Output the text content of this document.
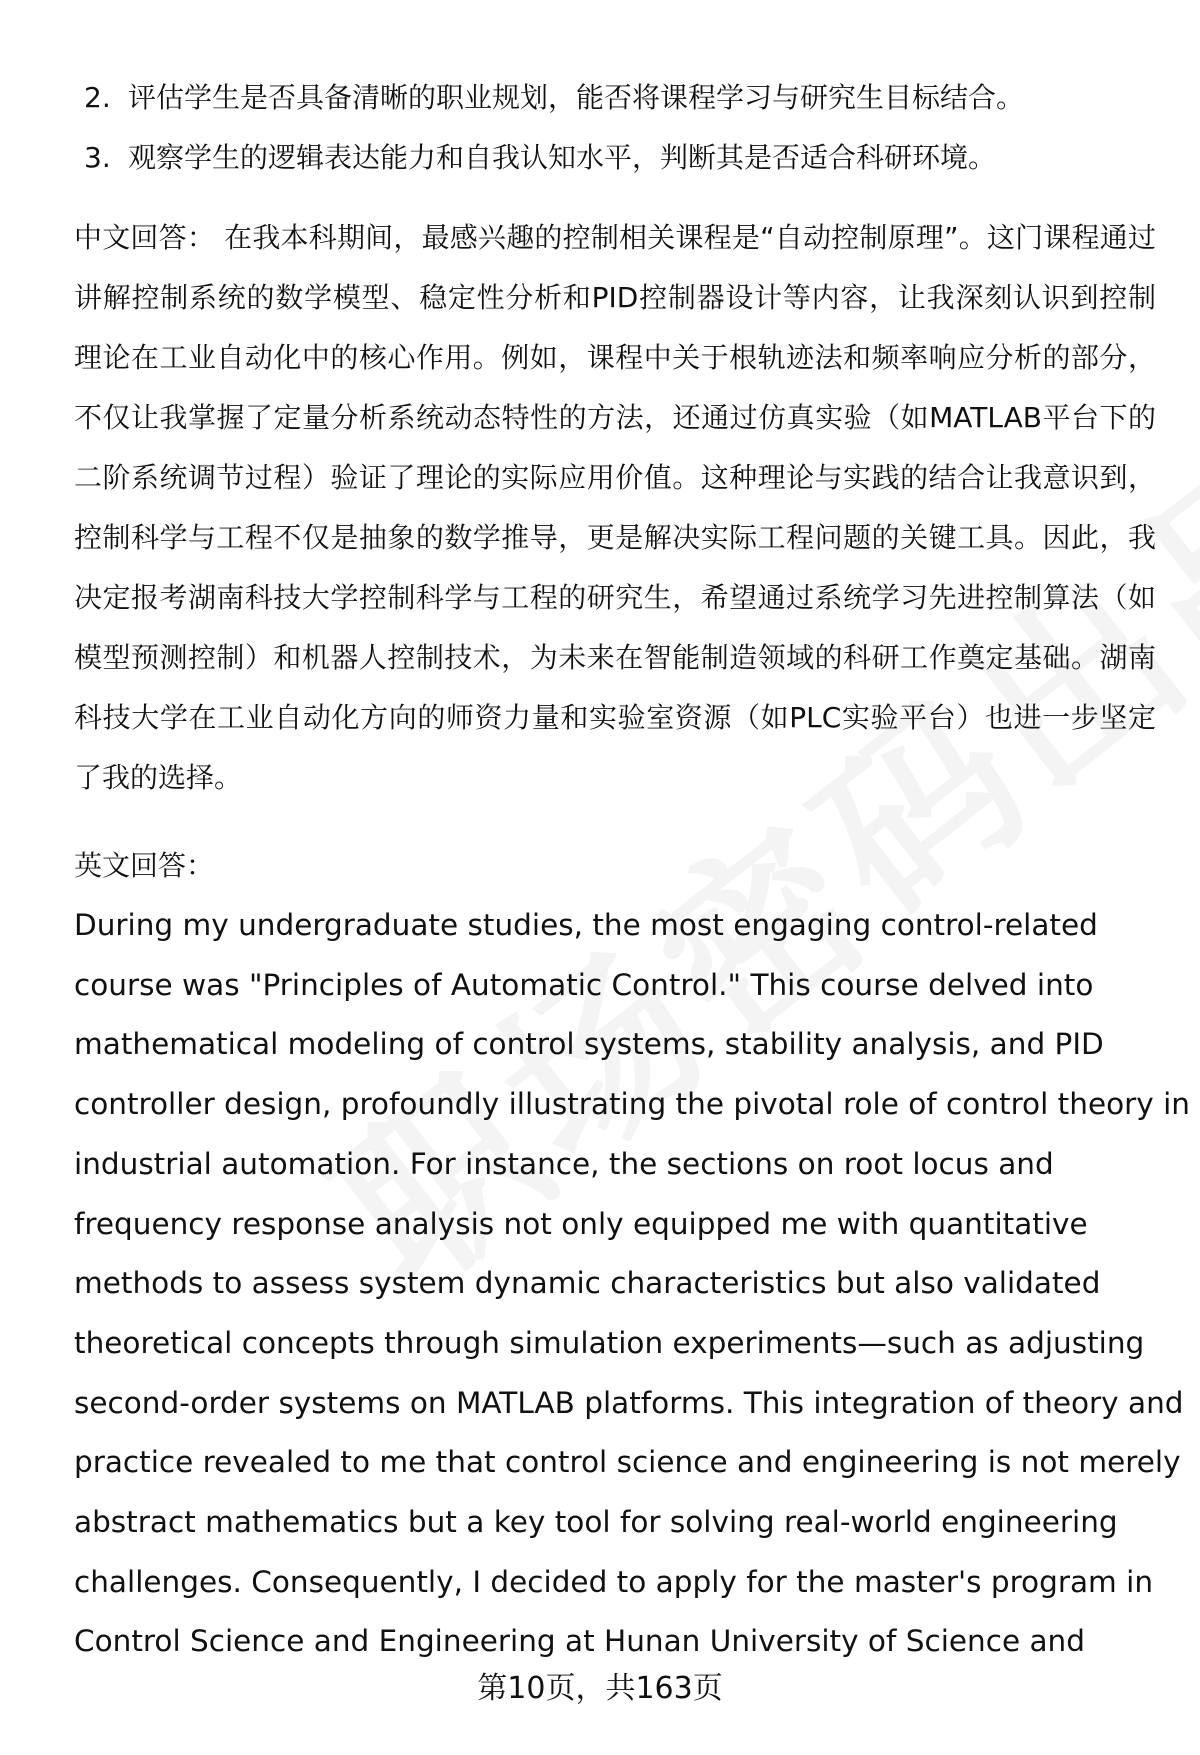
2. 评估学生是否具备清晰的职业规划，能否将课程学习与研究生目标结合。
3. 观察学生的逻辑表达能力和自我认知水平，判断其是否适合科研环境。

中文回答： 在我本科期间，最感兴趣的控制相关课程是“自动控制原理”。这门课程通过讲解控制系统的数学模型、稳定性分析和PID控制器设计等内容，让我深刻认识到控制理论在工业自动化中的核心作用。例如，课程中关于根轨迹法和频率响应分析的部分，不仅让我掌握了定量分析系统动态特性的方法，还通过仿真实验（如MATLAB平台下的二阶系统调节过程）验证了理论的实际应用价值。这种理论与实践的结合让我意识到，控制科学与工程不仅是抽象的数学推导，更是解决实际工程问题的关键工具。因此，我决定报考湖南科技大学控制科学与工程的研究生，希望通过系统学习先进控制算法（如模型预测控制）和机器人控制技术，为未来在智能制造领域的科研工作奠定基础。湖南科技大学在工业自动化方向的师资力量和实验室资源（如PLC实验平台）也进一步坚定了我的选择。

英文回答：
During my undergraduate studies, the most engaging control-related
course was "Principles of Automatic Control." This course delved into
mathematical modeling of control systems, stability analysis, and PID
controller design, profoundly illustrating the pivotal role of control theory in
industrial automation. For instance, the sections on root locus and
frequency response analysis not only equipped me with quantitative
methods to assess system dynamic characteristics but also validated
theoretical concepts through simulation experiments—such as adjusting
second-order systems on MATLAB platforms. This integration of theory and
practice revealed to me that control science and engineering is not merely
abstract mathematics but a key tool for solving real-world engineering
challenges. Consequently, I decided to apply for the master's program in
Control Science and Engineering at Hunan University of Science and
第10页，共163页
